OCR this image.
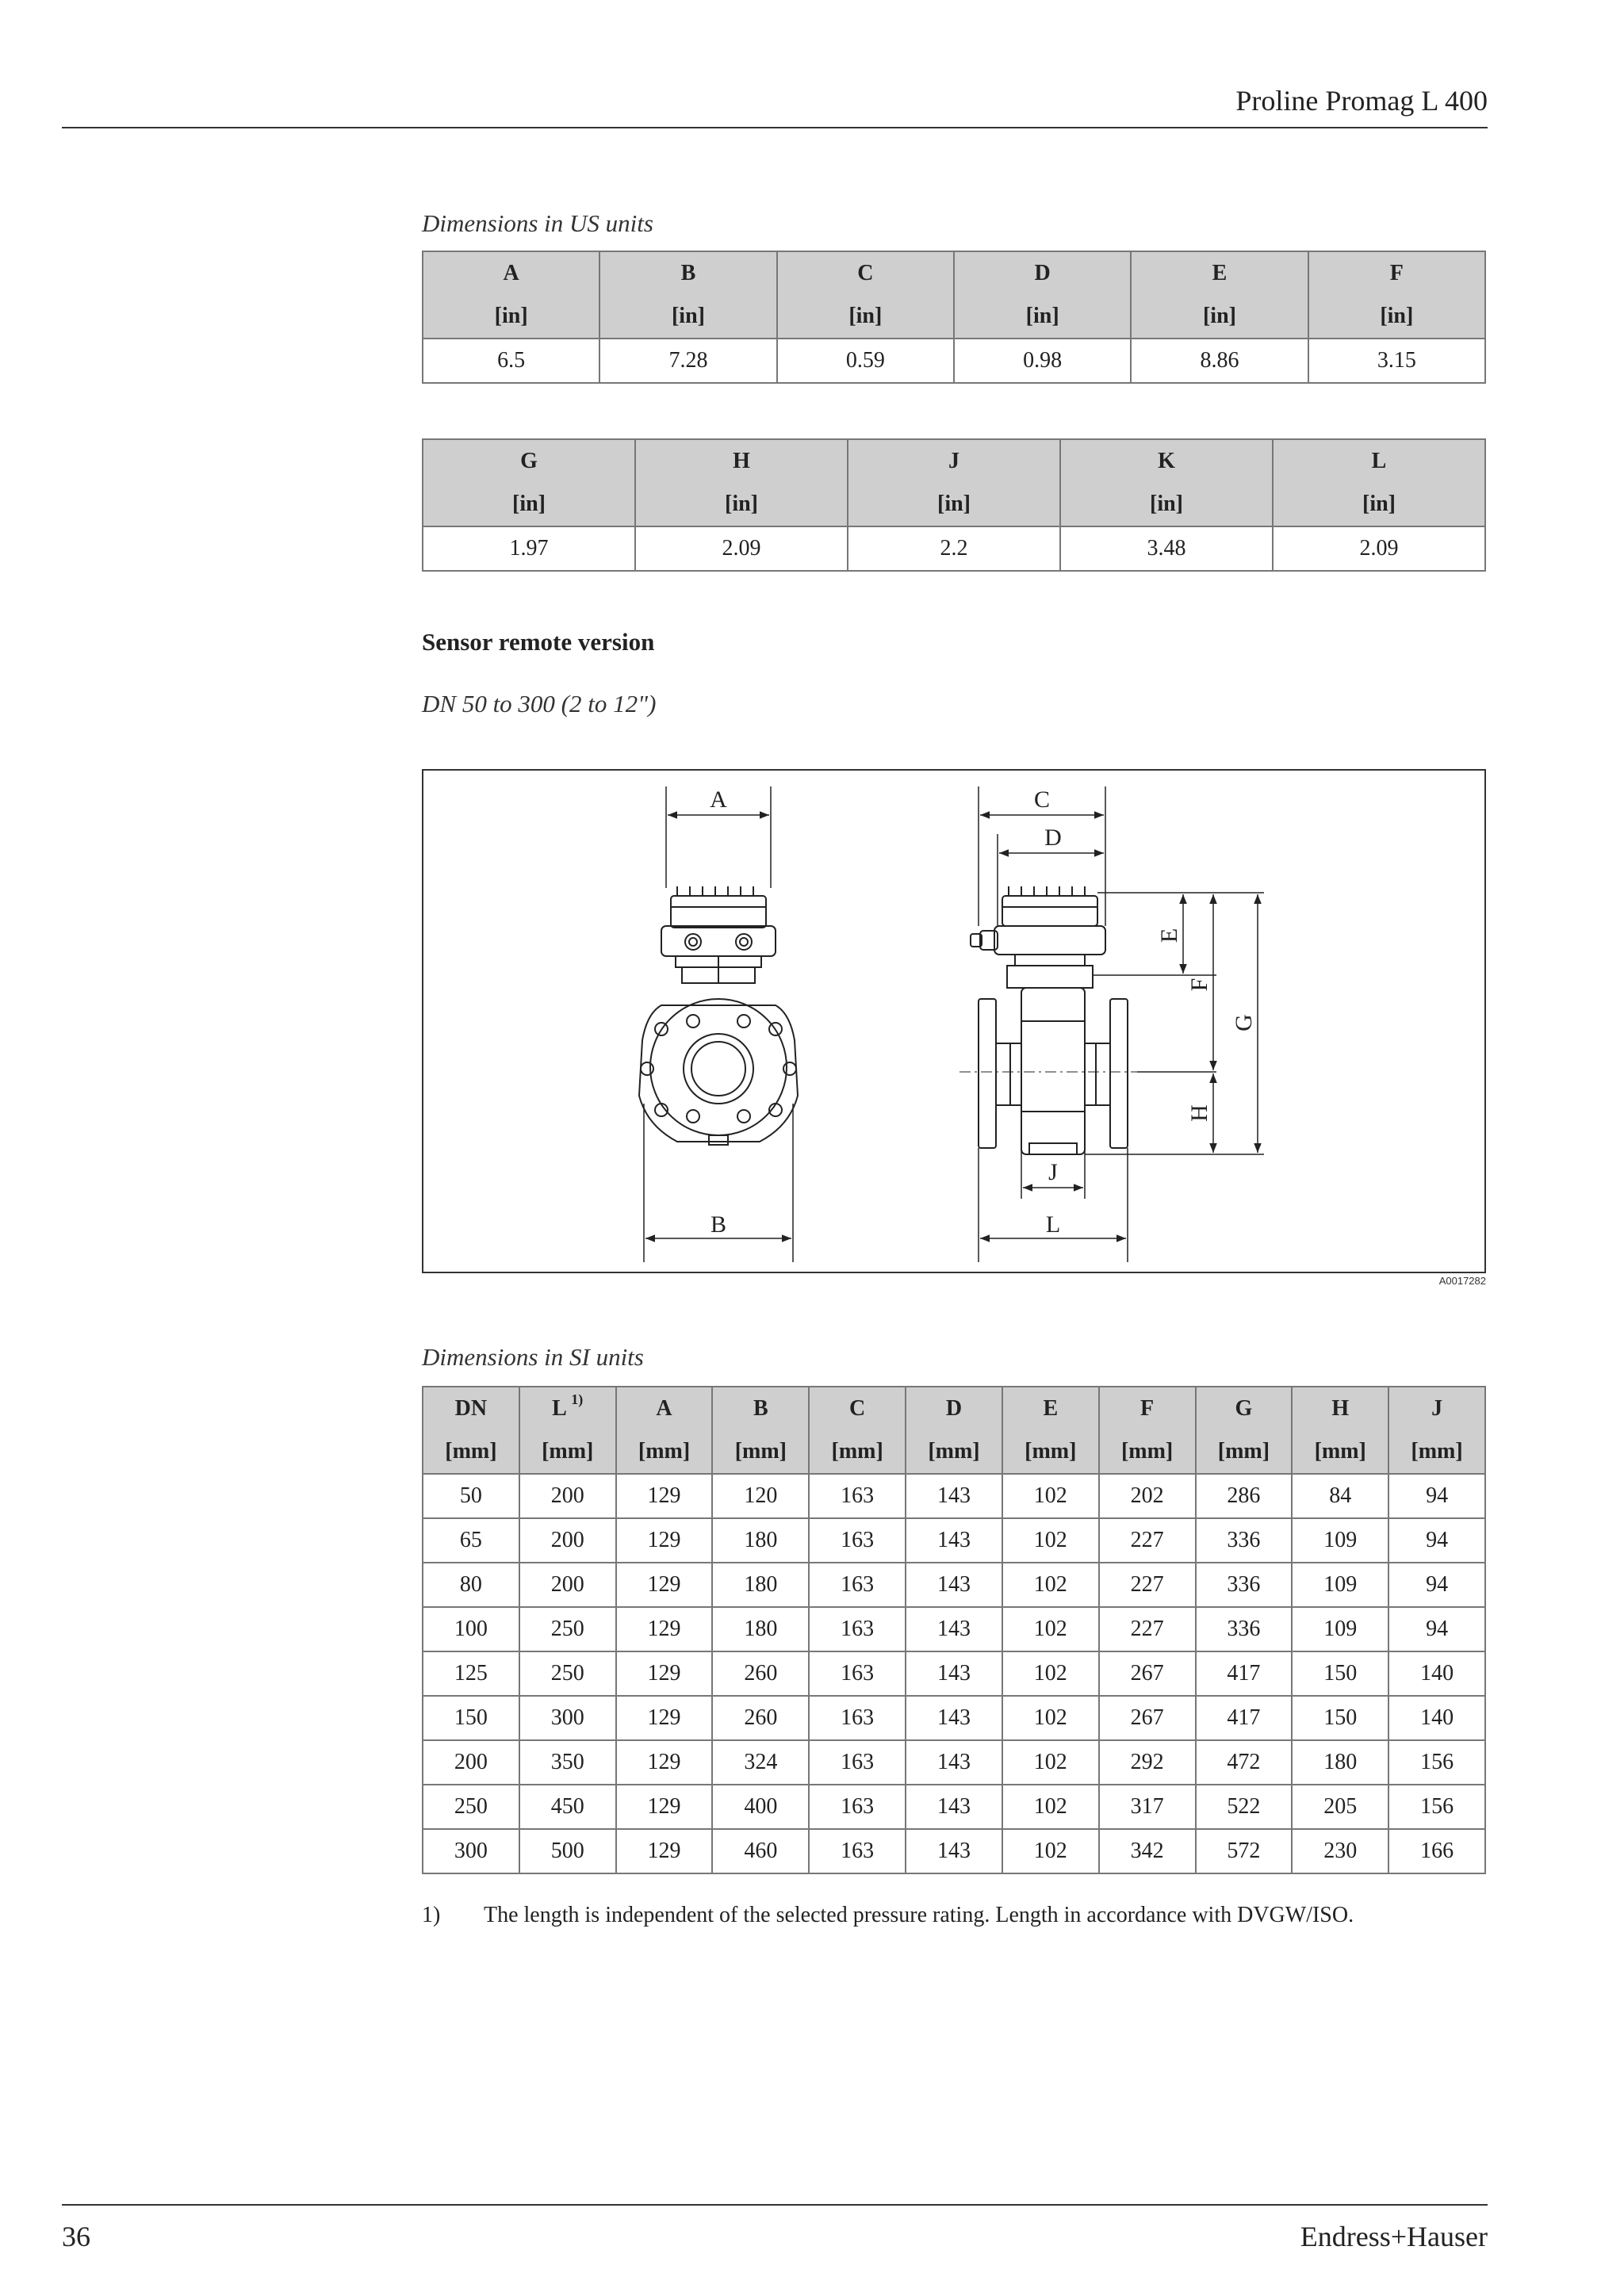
Proline Promag L 400
Dimensions in US units
A	B	C	D	E	F
[in]	[in]	[in]	[in]	[in]	[in]
6.5	7.28	0.59	0.98	8.86	3.15
G	H	J	K	L
[in]	[in]	[in]	[in]	[in]
1.97	2.09	2.2	3.48	2.09
Sensor remote version
DN 50 to 300 (2 to 12")
A
B
C
D
E
F
G
H
J
L
A0017282
Dimensions in SI units
DN	L $^{1)}$	A	B	C	D	E	F	G	H	J
[mm]	[mm]	[mm]	[mm]	[mm]	[mm]	[mm]	[mm]	[mm]	[mm]	[mm]
50	200	129	120	163	143	102	202	286	84	94
65	200	129	180	163	143	102	227	336	109	94
80	200	129	180	163	143	102	227	336	109	94
100	250	129	180	163	143	102	227	336	109	94
125	250	129	260	163	143	102	267	417	150	140
150	300	129	260	163	143	102	267	417	150	140
200	350	129	324	163	143	102	292	472	180	156
250	450	129	400	163	143	102	317	522	205	156
300	500	129	460	163	143	102	342	572	230	166
1) The length is independent of the selected pressure rating. Length in accordance with DVGW/ISO.
36	Endress+Hauser
